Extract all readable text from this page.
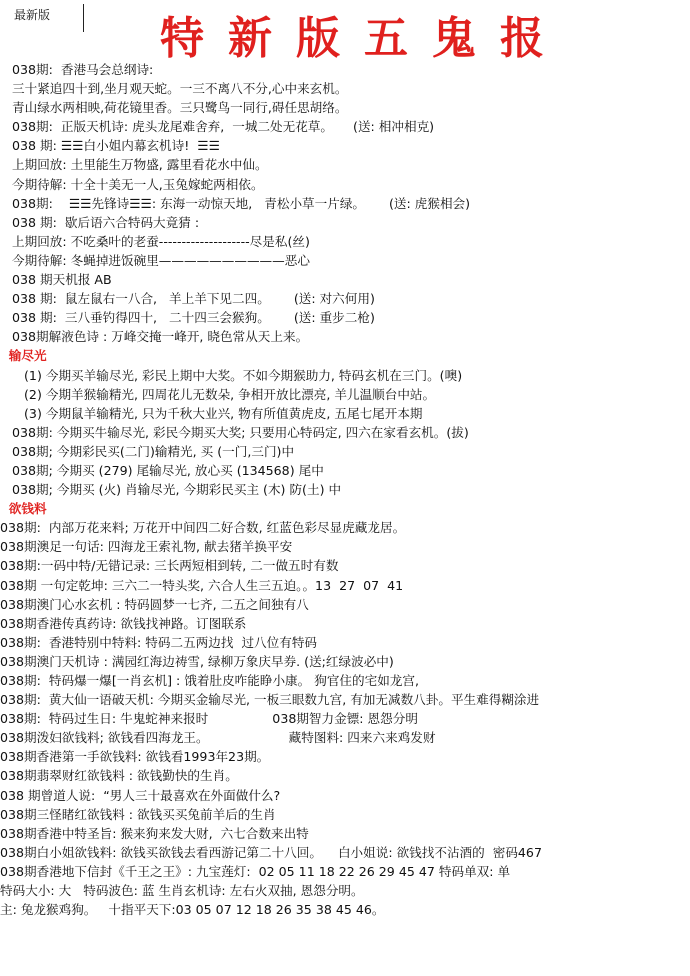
最新版 特新版五鬼报
038期:  香港马会总纲诗:
三十紧追四十到,坐月观天蛇。一三不离八不分,心中来玄机。
青山绿水两相映,荷花镜里香。三只鹭鸟一同行,碍任思胡络。
038期:  正版天机诗: 虎头龙尾难舍弃,  一城二处无花草。     (送: 相冲相克)
038 期: ☰☰白小姐内幕玄机诗!  ☰☰
上期回放: 土里能生万物盛, 露里看花水中仙。
今期待解: 十全十美无一人,玉兔嫁蛇两相依。
038期:    ☰☰先锋诗☰☰: 东海一动惊天地,   青松小草一片绿。      (送: 虎猴相会)
038 期:  歇后语六合特码大竟猜 :
上期回放: 不吃桑叶的老蚕--------------------尽是私(丝)
今期待解: 冬蝇掉进饭碗里——————————恶心
038 期天机报 AB
038 期:  鼠左鼠右一八合,   羊上羊下见二四。      (送: 对六何用)
038 期:  三八垂钓得四十,   二十四三会猴狗。      (送: 重步二枪)
038期解液色诗 : 万峰交掩一峰开, 晓色常从天上来。
输尽光
(1) 今期买羊输尽光, 彩民上期中大奖。不如今期猴助力, 特码玄机在三门。(噢)
(2) 今期羊猴输精光, 四周花儿无数朵, 争相开放比漂亮, 羊儿温顺台中站。
(3) 今期鼠羊输精光, 只为千秋大业兴, 物有所值黄虎皮, 五尾七尾开本期
038期: 今期买牛输尽光, 彩民今期买大奖; 只要用心特码定, 四六在家看玄机。(拔)
038期; 今期彩民买(二门)输精光, 买 (一门,三门)中
038期; 今期买 (279) 尾输尽光, 放心买 (134568) 尾中
038期; 今期买 (火) 肖输尽光, 今期彩民买主 (木) 防(土) 中
欲钱料
038期:  内部万花来料; 万花开中间四二好合数, 红蓝色彩尽显虎藏龙居。
038期澳足一句话: 四海龙王索礼物, 献去猪羊换平安
038期:一码中特/无错记录: 三长两短相到转, 二一做五时有数
038期 一句定乾坤: 三六二一特头奖, 六合人生三五迫。。13  27  07  41
038期澳门心水玄机 : 特码圆梦一七齐, 二五之间独有八
038期香港传真药诗: 欲钱找神路。订图联系
038期:  香港特别中特料: 特码二五两边找  过八位有特码
038期澳门天机诗 : 满园红海边祷雪, 绿柳万象庆早券. (送;红绿波必中)
038期:  特码爆一爆[一肖玄机] : 饿着肚皮咋能睁小康。 狗官住的宅如龙宫,
038期:  黄大仙一语破天机: 今期买金输尽光, 一板三眼数九宫, 有加无减数八卦。平生难得糊涂进
038期:  特码过生日: 牛鬼蛇神来报时                038期智力金镖: 恩怨分明
038期泼妇欲钱料; 欲钱看四海龙王。                    藏特图料: 四来六来鸡发财
038期香港第一手欲钱料: 欲钱看1993年23期。
038期翡翠财红欲钱料 : 欲钱勤快的生肖。
038 期曾道人说:  “男人三十最喜欢在外面做什么?
038期三怪睹红欲钱料 : 欲钱买买兔前羊后的生肖
038期香港中特圣旨: 猴来狗来发大财,  六七合数来出特
038期白小姐欲钱料: 欲钱买欲钱去看西游记第二十八回。    白小姐说: 欲钱找不沾酒的  密码467
038期香港地下信封《千王之王》: 九宝莲灯:  02 05 11 18 22 26 29 45 47 特码单双: 单
特码大小: 大   特码波色: 蓝 生肖玄机诗: 左右火双抽, 恩怨分明。
主: 兔龙猴鸡狗。   十指平天下:03 05 07 12 18 26 35 38 45 46。
